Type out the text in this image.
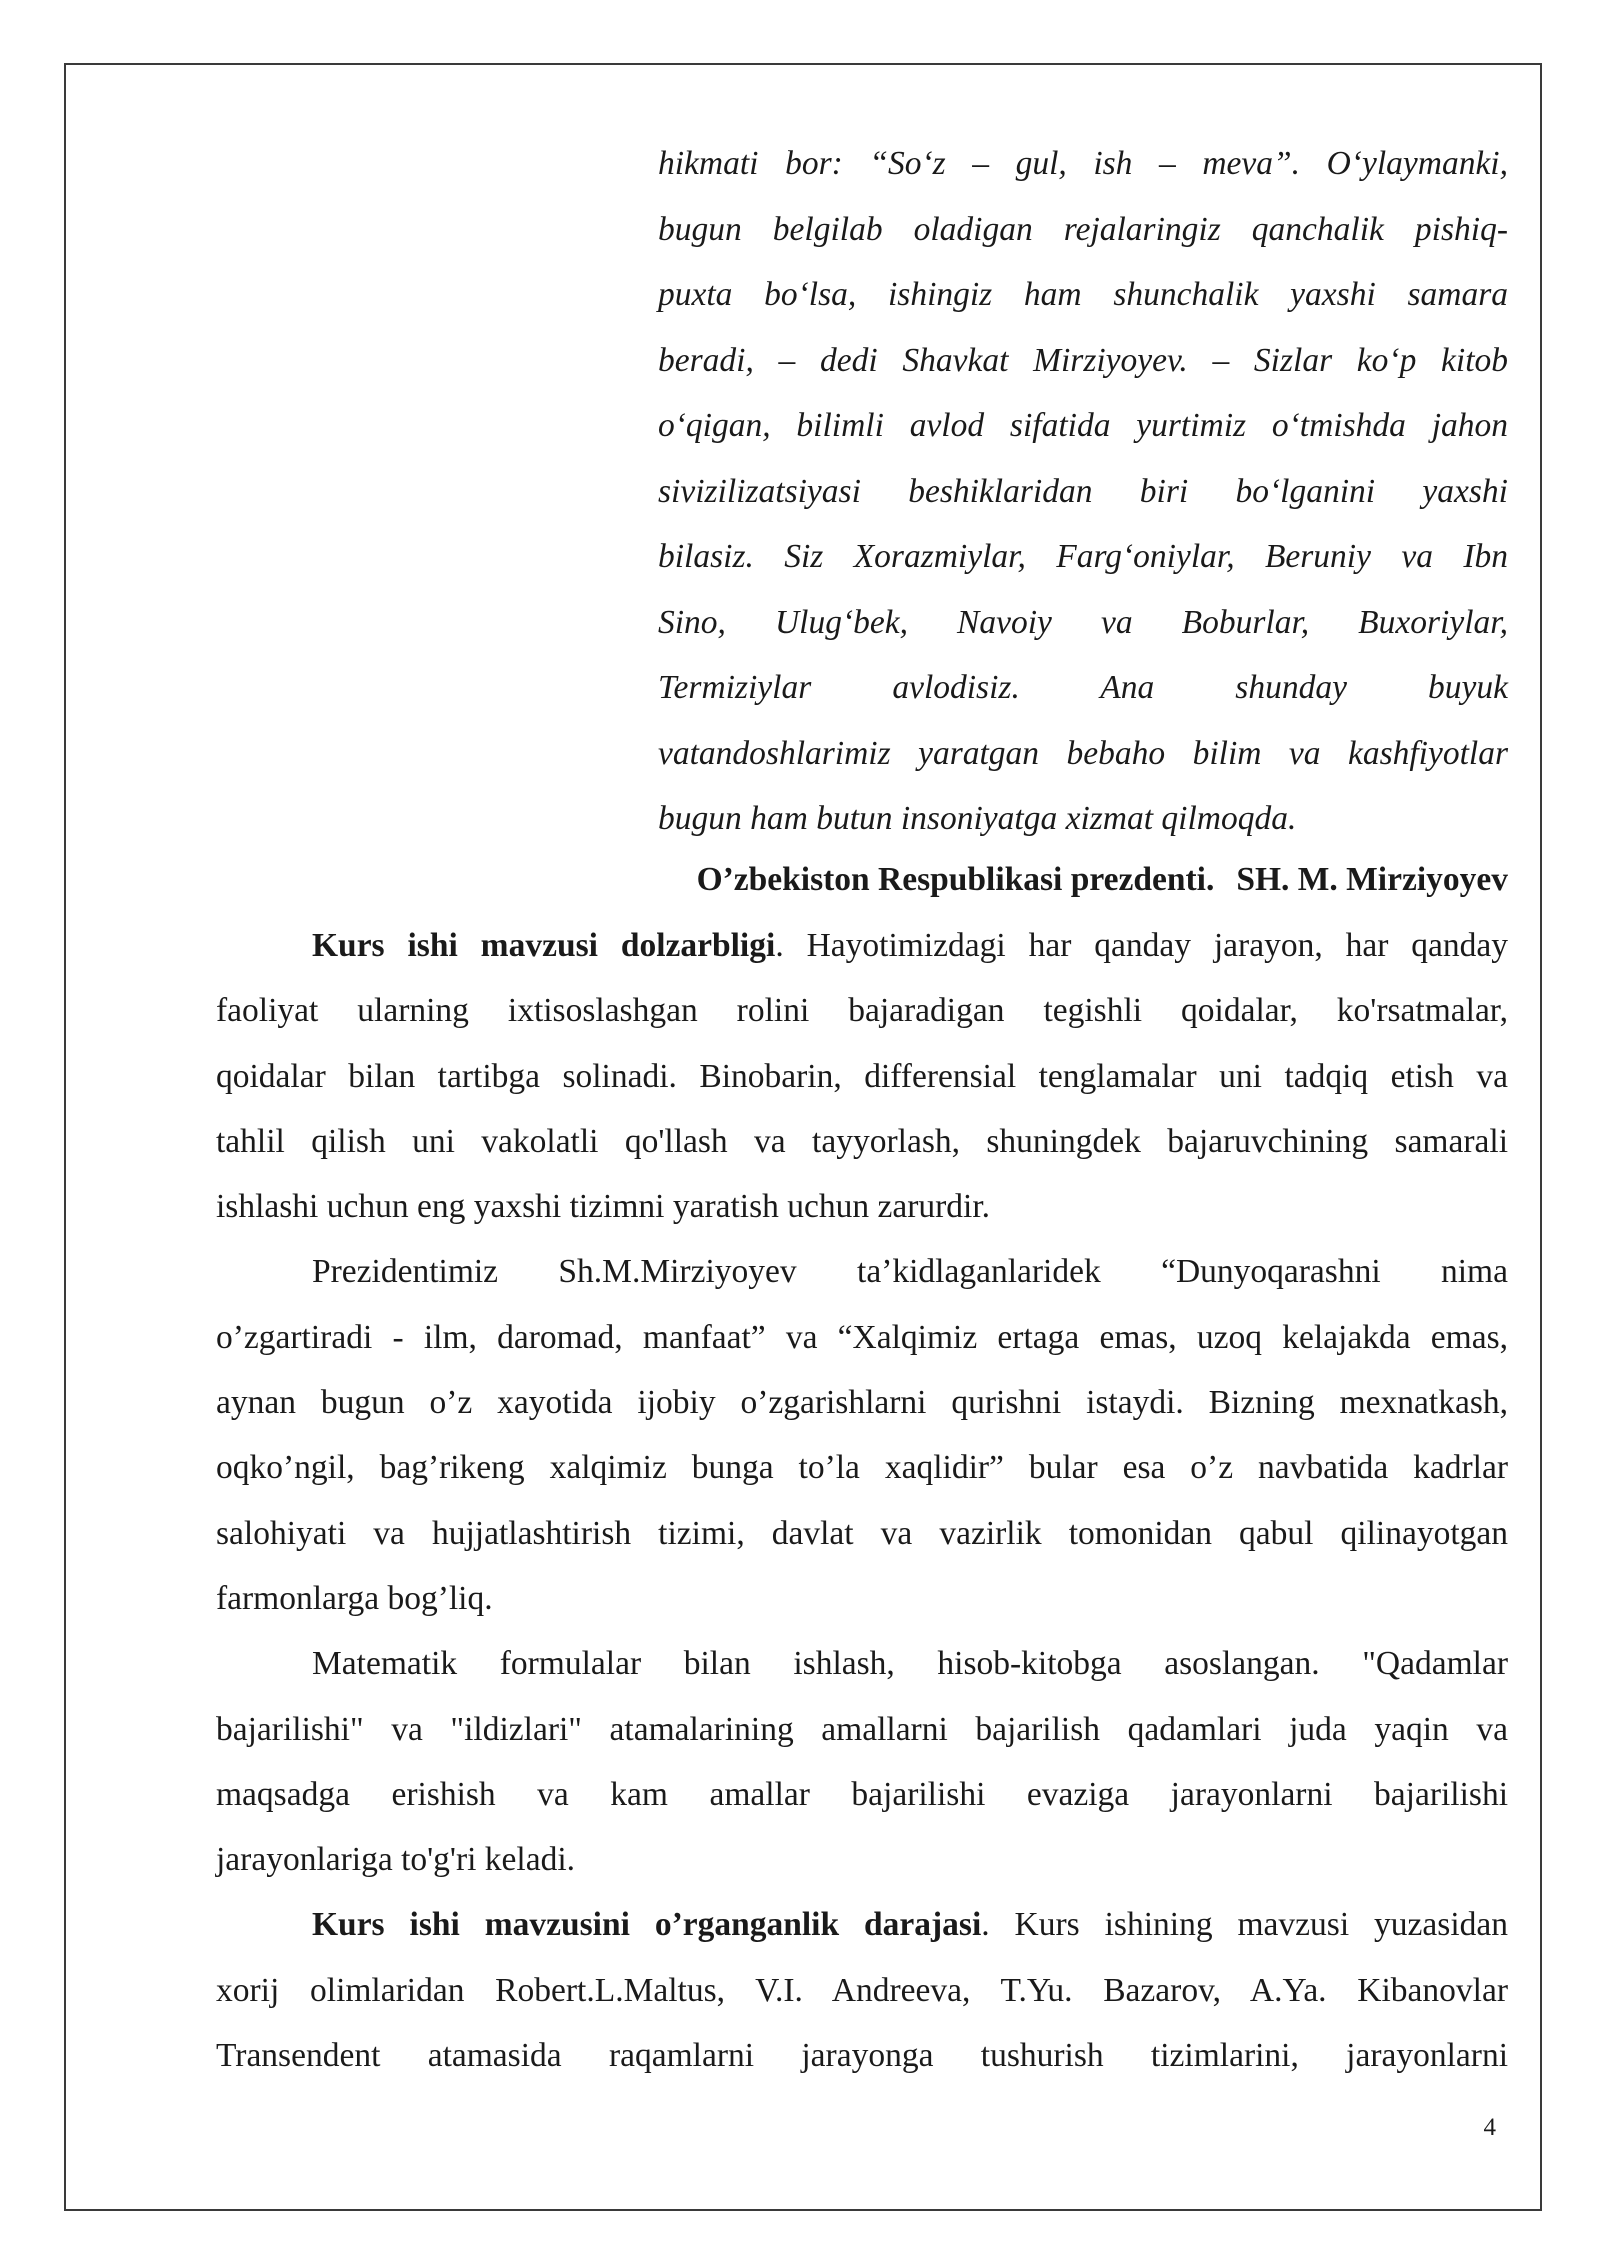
hikmati bor: “So‘z – gul, ish – meva”. O‘ylaymanki,
bugun belgilab oladigan rejalaringiz qanchalik pishiq-
puxta bo‘lsa, ishingiz ham shunchalik yaxshi samara
beradi, – dedi Shavkat Mirziyoyev. – Sizlar ko‘p kitob
o‘qigan, bilimli avlod sifatida yurtimiz o‘tmishda jahon
sivizilizatsiyasi beshiklaridan biri bo‘lganini yaxshi
bilasiz. Siz Xorazmiylar, Farg‘oniylar, Beruniy va Ibn
Sino, Ulug‘bek, Navoiy va Boburlar, Buxoriylar,
Termiziylar avlodisiz. Ana shunday buyuk
vatandoshlarimiz yaratgan bebaho bilim va kashfiyotlar
bugun ham butun insoniyatga xizmat qilmoqda.

O’zbekiston Respublikasi prezdenti. SH. M. Mirziyoyev

Kurs ishi mavzusi dolzarbligi. Hayotimizdagi har qanday jarayon, har qanday
faoliyat ularning ixtisoslashgan rolini bajaradigan tegishli qoidalar, ko'rsatmalar,
qoidalar bilan tartibga solinadi. Binobarin, differensial tenglamalar uni tadqiq etish va
tahlil qilish uni vakolatli qo'llash va tayyorlash, shuningdek bajaruvchining samarali
ishlashi uchun eng yaxshi tizimni yaratish uchun zarurdir.
Prezidentimiz Sh.M.Mirziyoyev ta’kidlaganlaridek “Dunyoqarashni nima
o’zgartiradi - ilm, daromad, manfaat” va “Xalqimiz ertaga emas, uzoq kelajakda emas,
aynan bugun o’z xayotida ijobiy o’zgarishlarni qurishni istaydi. Bizning mexnatkash,
oqko’ngil, bag’rikeng xalqimiz bunga to’la xaqlidir” bular esa o’z navbatida kadrlar
salohiyati va hujjatlashtirish tizimi, davlat va vazirlik tomonidan qabul qilinayotgan
farmonlarga bog’liq.
Matematik formulalar bilan ishlash, hisob-kitobga asoslangan. "Qadamlar
bajarilishi" va "ildizlari" atamalarining amallarni bajarilish qadamlari juda yaqin va
maqsadga erishish va kam amallar bajarilishi evaziga jarayonlarni bajarilishi
jarayonlariga to'g'ri keladi.
Kurs ishi mavzusini o’rganganlik darajasi. Kurs ishining mavzusi yuzasidan
xorij olimlaridan Robert.L.Maltus, V.I. Andreeva, T.Yu. Bazarov, A.Ya. Kibanovlar
Transendent atamasida raqamlarni jarayonga tushurish tizimlarini, jarayonlarni

4
